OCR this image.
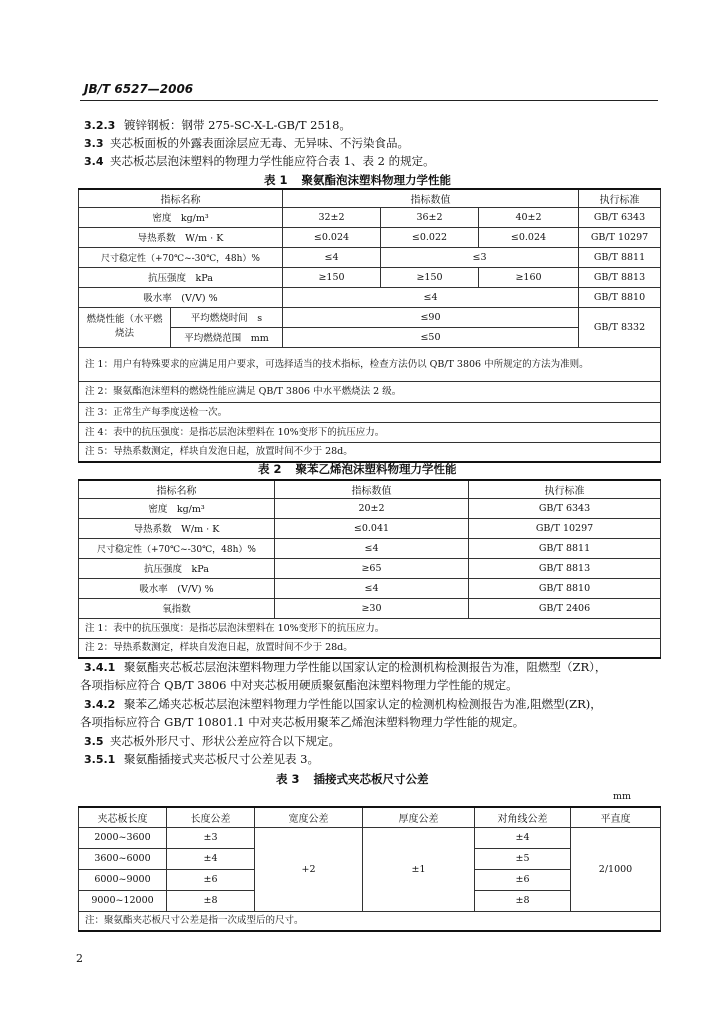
JB/T 6527—2006
3.2.3 镀锌钢板：钢带 275-SC-X-L-GB/T 2518。
3.3 夹芯板面板的外露表面涂层应无毒、无异味、不污染食品。
3.4 夹芯板芯层泡沫塑料的物理力学性能应符合表 1、表 2 的规定。
表 1 聚氨酯泡沫塑料物理力学性能
指标名称		指标数值			执行标准
密度　kg/m³		32±2	36±2	40±2	GB/T 6343
导热系数　W/m · K		≤0.024	≤0.022	≤0.024	GB/T 10297
尺寸稳定性（+70℃~-30℃，48h）%		≤4	≤3		GB/T 8811
抗压强度　kPa		≥150	≥150	≥160	GB/T 8813
吸水率　(V/V) %		≤4			GB/T 8810
燃烧性能（水平燃烧法	平均燃烧时间　s	≤90			GB/T 8332
	平均燃烧范围　mm	≤50			
注 1：用户有特殊要求的应满足用户要求，可选择适当的技术指标，检查方法仍以 QB/T 3806 中所规定的方法为准则。					
注 2：聚氨酯泡沫塑料的燃烧性能应满足 QB/T 3806 中水平燃烧法 2 级。					
注 3：正常生产每季度送检一次。					
注 4：表中的抗压强度：是指芯层泡沫塑料在 10%变形下的抗压应力。					
注 5：导热系数测定，样块自发泡日起，放置时间不少于 28d。					
表 2 聚苯乙烯泡沫塑料物理力学性能
指标名称	指标数值	执行标准
密度　kg/m³	20±2	GB/T 6343
导热系数　W/m · K	≤0.041	GB/T 10297
尺寸稳定性（+70℃~-30℃，48h）%	≤4	GB/T 8811
抗压强度　kPa	≥65	GB/T 8813
吸水率　(V/V) %	≤4	GB/T 8810
氧指数	≥30	GB/T 2406
注 1：表中的抗压强度：是指芯层泡沫塑料在 10%变形下的抗压应力。		
注 2：导热系数测定，样块自发泡日起，放置时间不少于 28d。		
3.4.1 聚氨酯夹芯板芯层泡沫塑料物理力学性能以国家认定的检测机构检测报告为准，阻燃型（ZR），
各项指标应符合 QB/T 3806 中对夹芯板用硬质聚氨酯泡沫塑料物理力学性能的规定。
3.4.2 聚苯乙烯夹芯板芯层泡沫塑料物理力学性能以国家认定的检测机构检测报告为准,阻燃型(ZR)，
各项指标应符合 GB/T 10801.1 中对夹芯板用聚苯乙烯泡沫塑料物理力学性能的规定。
3.5 夹芯板外形尺寸、形状公差应符合以下规定。
3.5.1 聚氨酯插接式夹芯板尺寸公差见表 3。
表 3 插接式夹芯板尺寸公差
mm
夹芯板长度	长度公差	宽度公差	厚度公差	对角线公差	平直度
2000~3600	±3	+2	±1	±4	2/1000
3600~6000	±4			±5	
6000~9000	±6			±6	
9000~12000	±8			±8	
注：聚氨酯夹芯板尺寸公差是指一次成型后的尺寸。					
2
